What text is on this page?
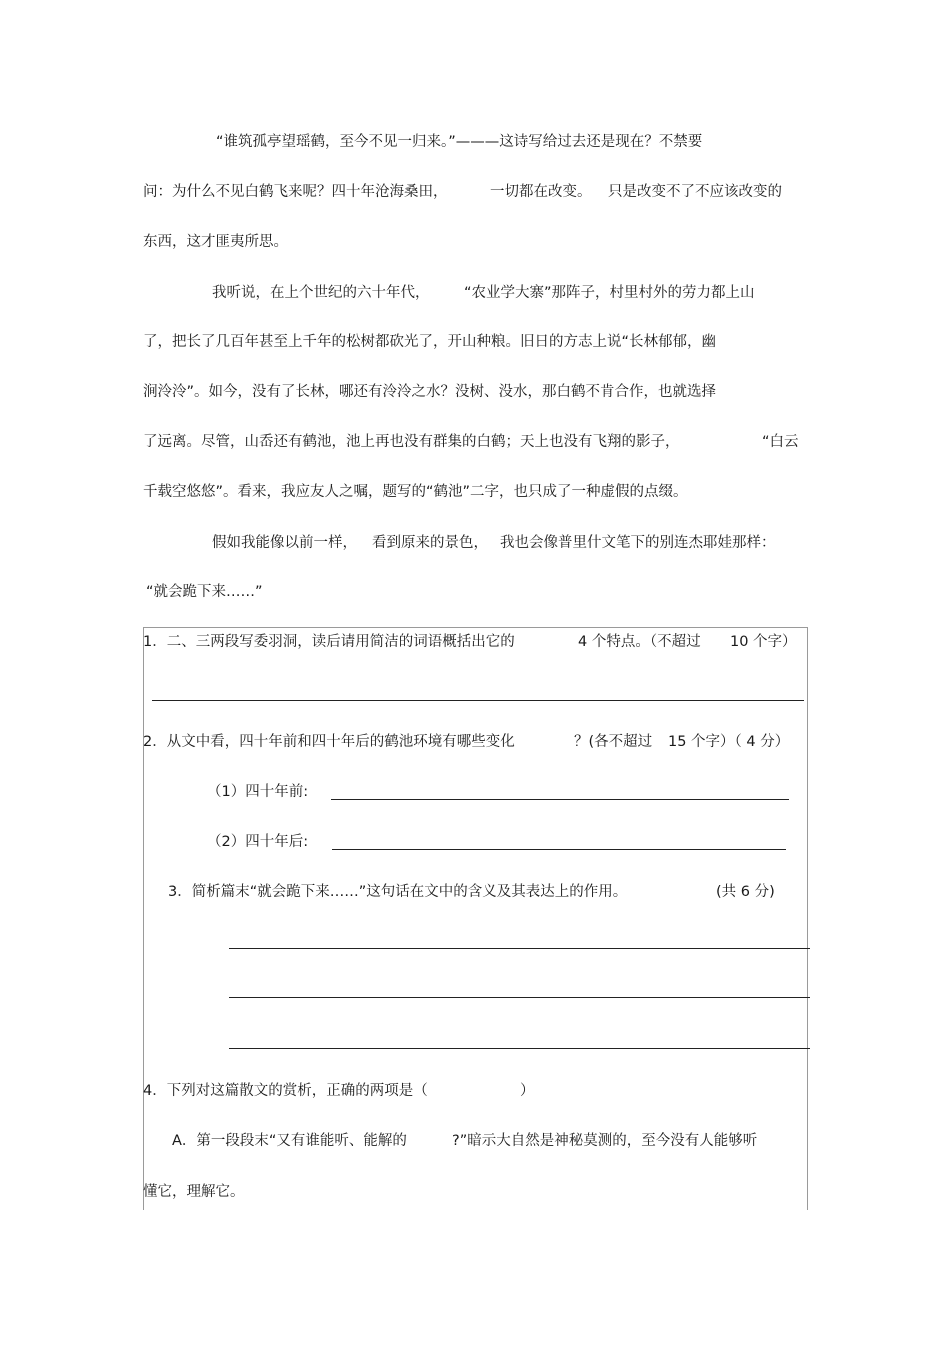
“谁筑孤亭望瑶鹤，至今不见一归来。”———这诗写给过去还是现在？不禁要

问：为什么不见白鹤飞来呢？四十年沧海桑田，	一切都在改变。 只是改变不了不应该改变的

东西，这才匪夷所思。

我听说，在上个世纪的六十年代， “农业学大寨”那阵子，村里村外的劳力都上山

了，把长了几百年甚至上千年的松树都砍光了，开山种粮。旧日的方志上说“长林郁郁，幽

涧泠泠”。如今，没有了长林，哪还有泠泠之水？没树、没水，那白鹤不肯合作，也就选择

了远离。尽管，山岙还有鹤池，池上再也没有群集的白鹤；天上也没有飞翔的影子，	“白云

千载空悠悠”。看来，我应友人之嘱，题写的“鹤池”二字，也只成了一种虚假的点缀。

假如我能像以前一样， 看到原来的景色， 我也会像普里什文笔下的别连杰耶娃那样：

“就会跪下来……”

1．二、三两段写委羽洞，读后请用简洁的词语概括出它的	4 个特点。（不超过 10 个字）

2．从文中看，四十年前和四十年后的鹤池环境有哪些变化	？(各不超过 15 个字）（ 4 分）

（1）四十年前:

（2）四十年后:

3．简析篇末“就会跪下来……”这句话在文中的含义及其表达上的作用。	(共 6 分)

4．下列对这篇散文的赏析，正确的两项是（	）

A．第一段段末“又有谁能听、能解的	?”暗示大自然是神秘莫测的，至今没有人能够听

懂它，理解它。
